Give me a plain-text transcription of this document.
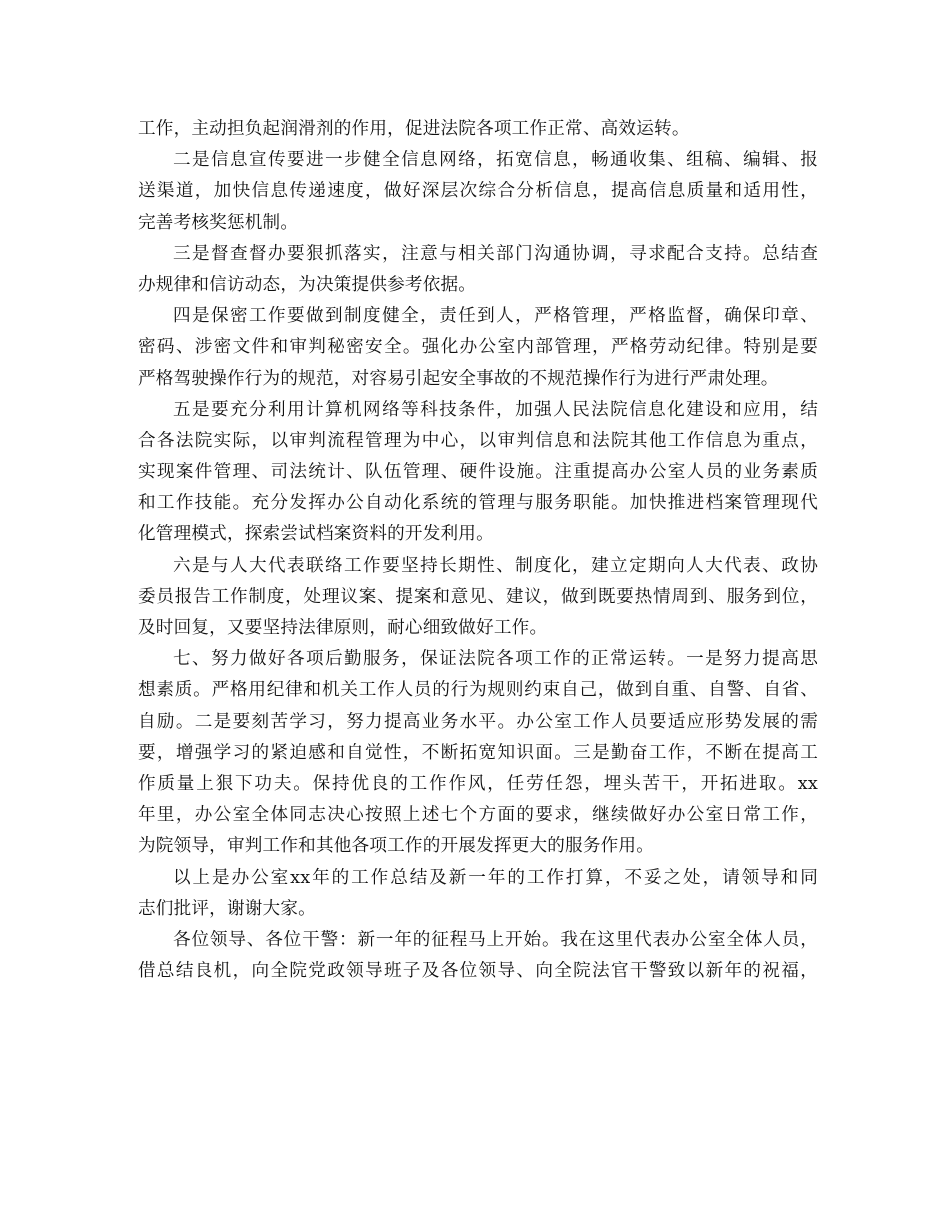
工作，主动担负起润滑剂的作用，促进法院各项工作正常、高效运转。
二是信息宣传要进一步健全信息网络，拓宽信息，畅通收集、组稿、编辑、报
送渠道，加快信息传递速度，做好深层次综合分析信息，提高信息质量和适用性，
完善考核奖惩机制。
三是督查督办要狠抓落实，注意与相关部门沟通协调，寻求配合支持。总结查
办规律和信访动态，为决策提供参考依据。
四是保密工作要做到制度健全，责任到人，严格管理，严格监督，确保印章、
密码、涉密文件和审判秘密安全。强化办公室内部管理，严格劳动纪律。特别是要
严格驾驶操作行为的规范，对容易引起安全事故的不规范操作行为进行严肃处理。
五是要充分利用计算机网络等科技条件，加强人民法院信息化建设和应用，结
合各法院实际，以审判流程管理为中心，以审判信息和法院其他工作信息为重点，
实现案件管理、司法统计、队伍管理、硬件设施。注重提高办公室人员的业务素质
和工作技能。充分发挥办公自动化系统的管理与服务职能。加快推进档案管理现代
化管理模式，探索尝试档案资料的开发利用。
六是与人大代表联络工作要坚持长期性、制度化，建立定期向人大代表、政协
委员报告工作制度，处理议案、提案和意见、建议，做到既要热情周到、服务到位，
及时回复，又要坚持法律原则，耐心细致做好工作。
七、努力做好各项后勤服务，保证法院各项工作的正常运转。一是努力提高思
想素质。严格用纪律和机关工作人员的行为规则约束自己，做到自重、自警、自省、
自励。二是要刻苦学习，努力提高业务水平。办公室工作人员要适应形势发展的需
要，增强学习的紧迫感和自觉性，不断拓宽知识面。三是勤奋工作，不断在提高工
作质量上狠下功夫。保持优良的工作作风，任劳任怨，埋头苦干，开拓进取。xx
年里，办公室全体同志决心按照上述七个方面的要求，继续做好办公室日常工作，
为院领导，审判工作和其他各项工作的开展发挥更大的服务作用。
以上是办公室xx年的工作总结及新一年的工作打算，不妥之处，请领导和同
志们批评，谢谢大家。
各位领导、各位干警：新一年的征程马上开始。我在这里代表办公室全体人员，
借总结良机，向全院党政领导班子及各位领导、向全院法官干警致以新年的祝福，
